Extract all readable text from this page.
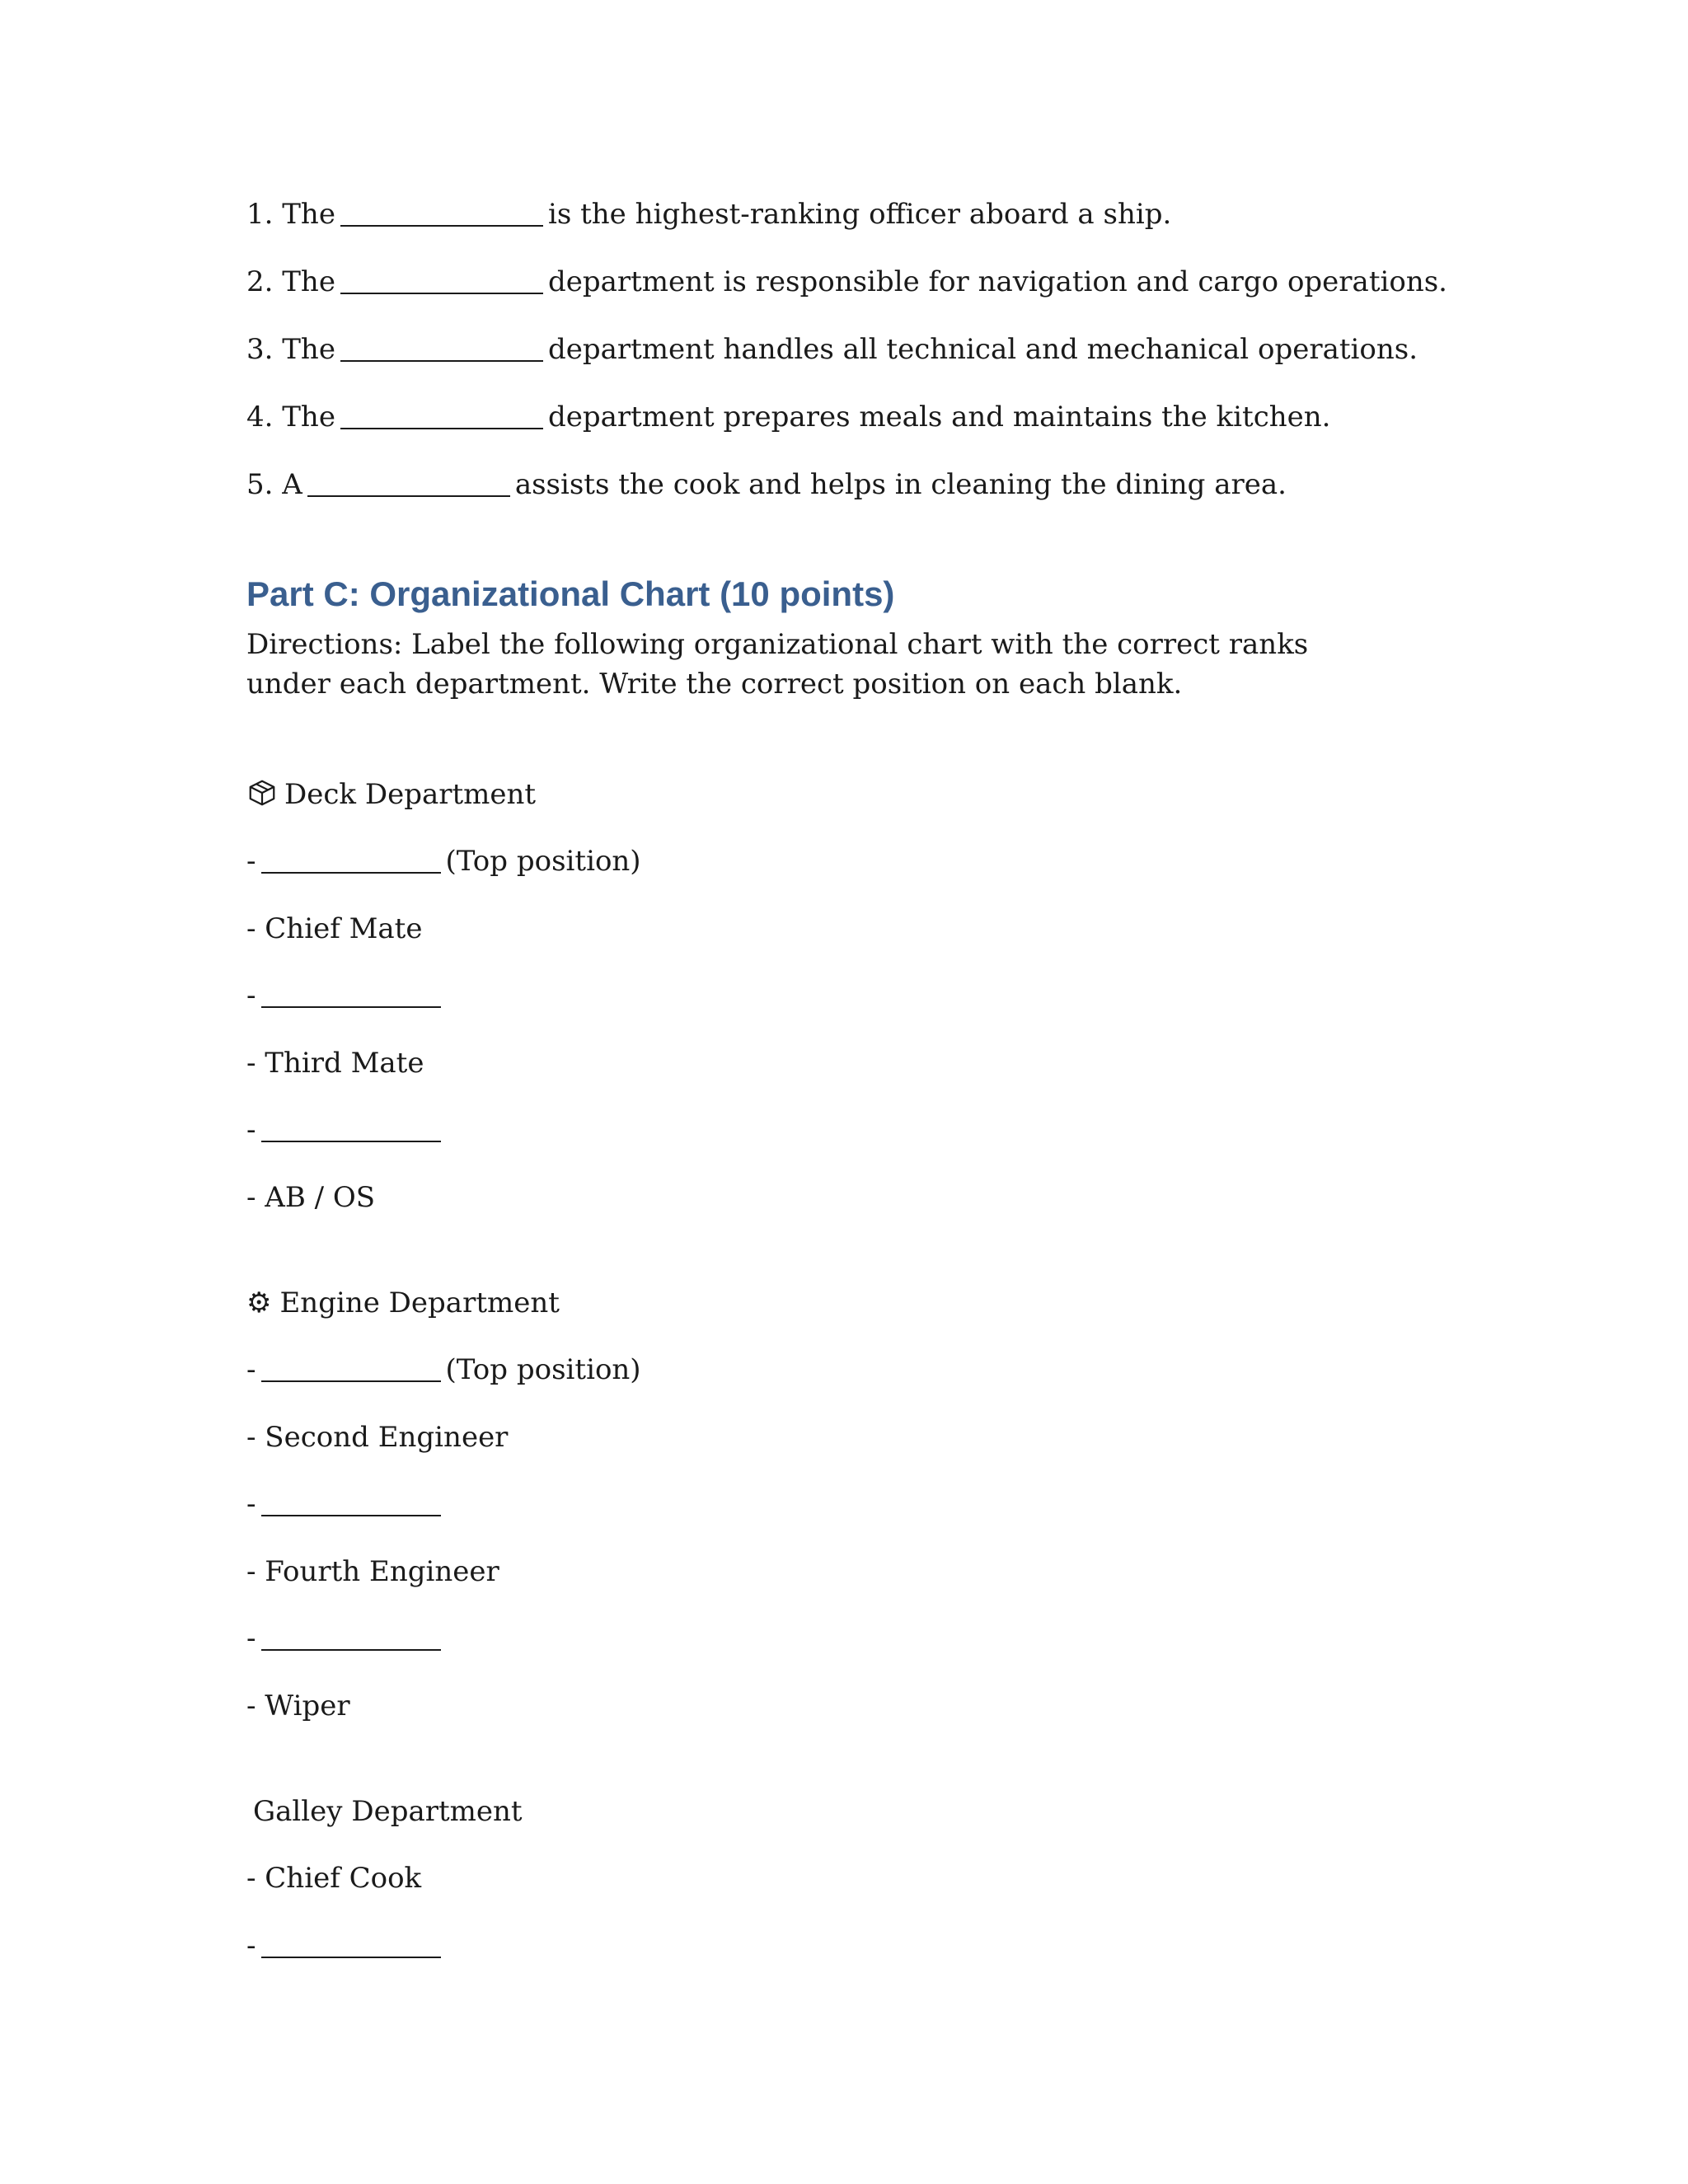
1. The	is the highest-ranking officer aboard a ship.
2. The	department is responsible for navigation and cargo operations.
3. The	department handles all technical and mechanical operations.
4. The	department prepares meals and maintains the kitchen.
5. A	assists the cook and helps in cleaning the dining area.
Part C: Organizational Chart (10 points)
Directions: Label the following organizational chart with the correct ranks under each department. Write the correct position on each blank.
Deck Department
-	(Top position)
- Chief Mate
-
- Third Mate
-
- AB / OS
⚙ Engine Department
-	(Top position)
- Second Engineer
-
- Fourth Engineer
-
- Wiper
Galley Department
- Chief Cook
-
